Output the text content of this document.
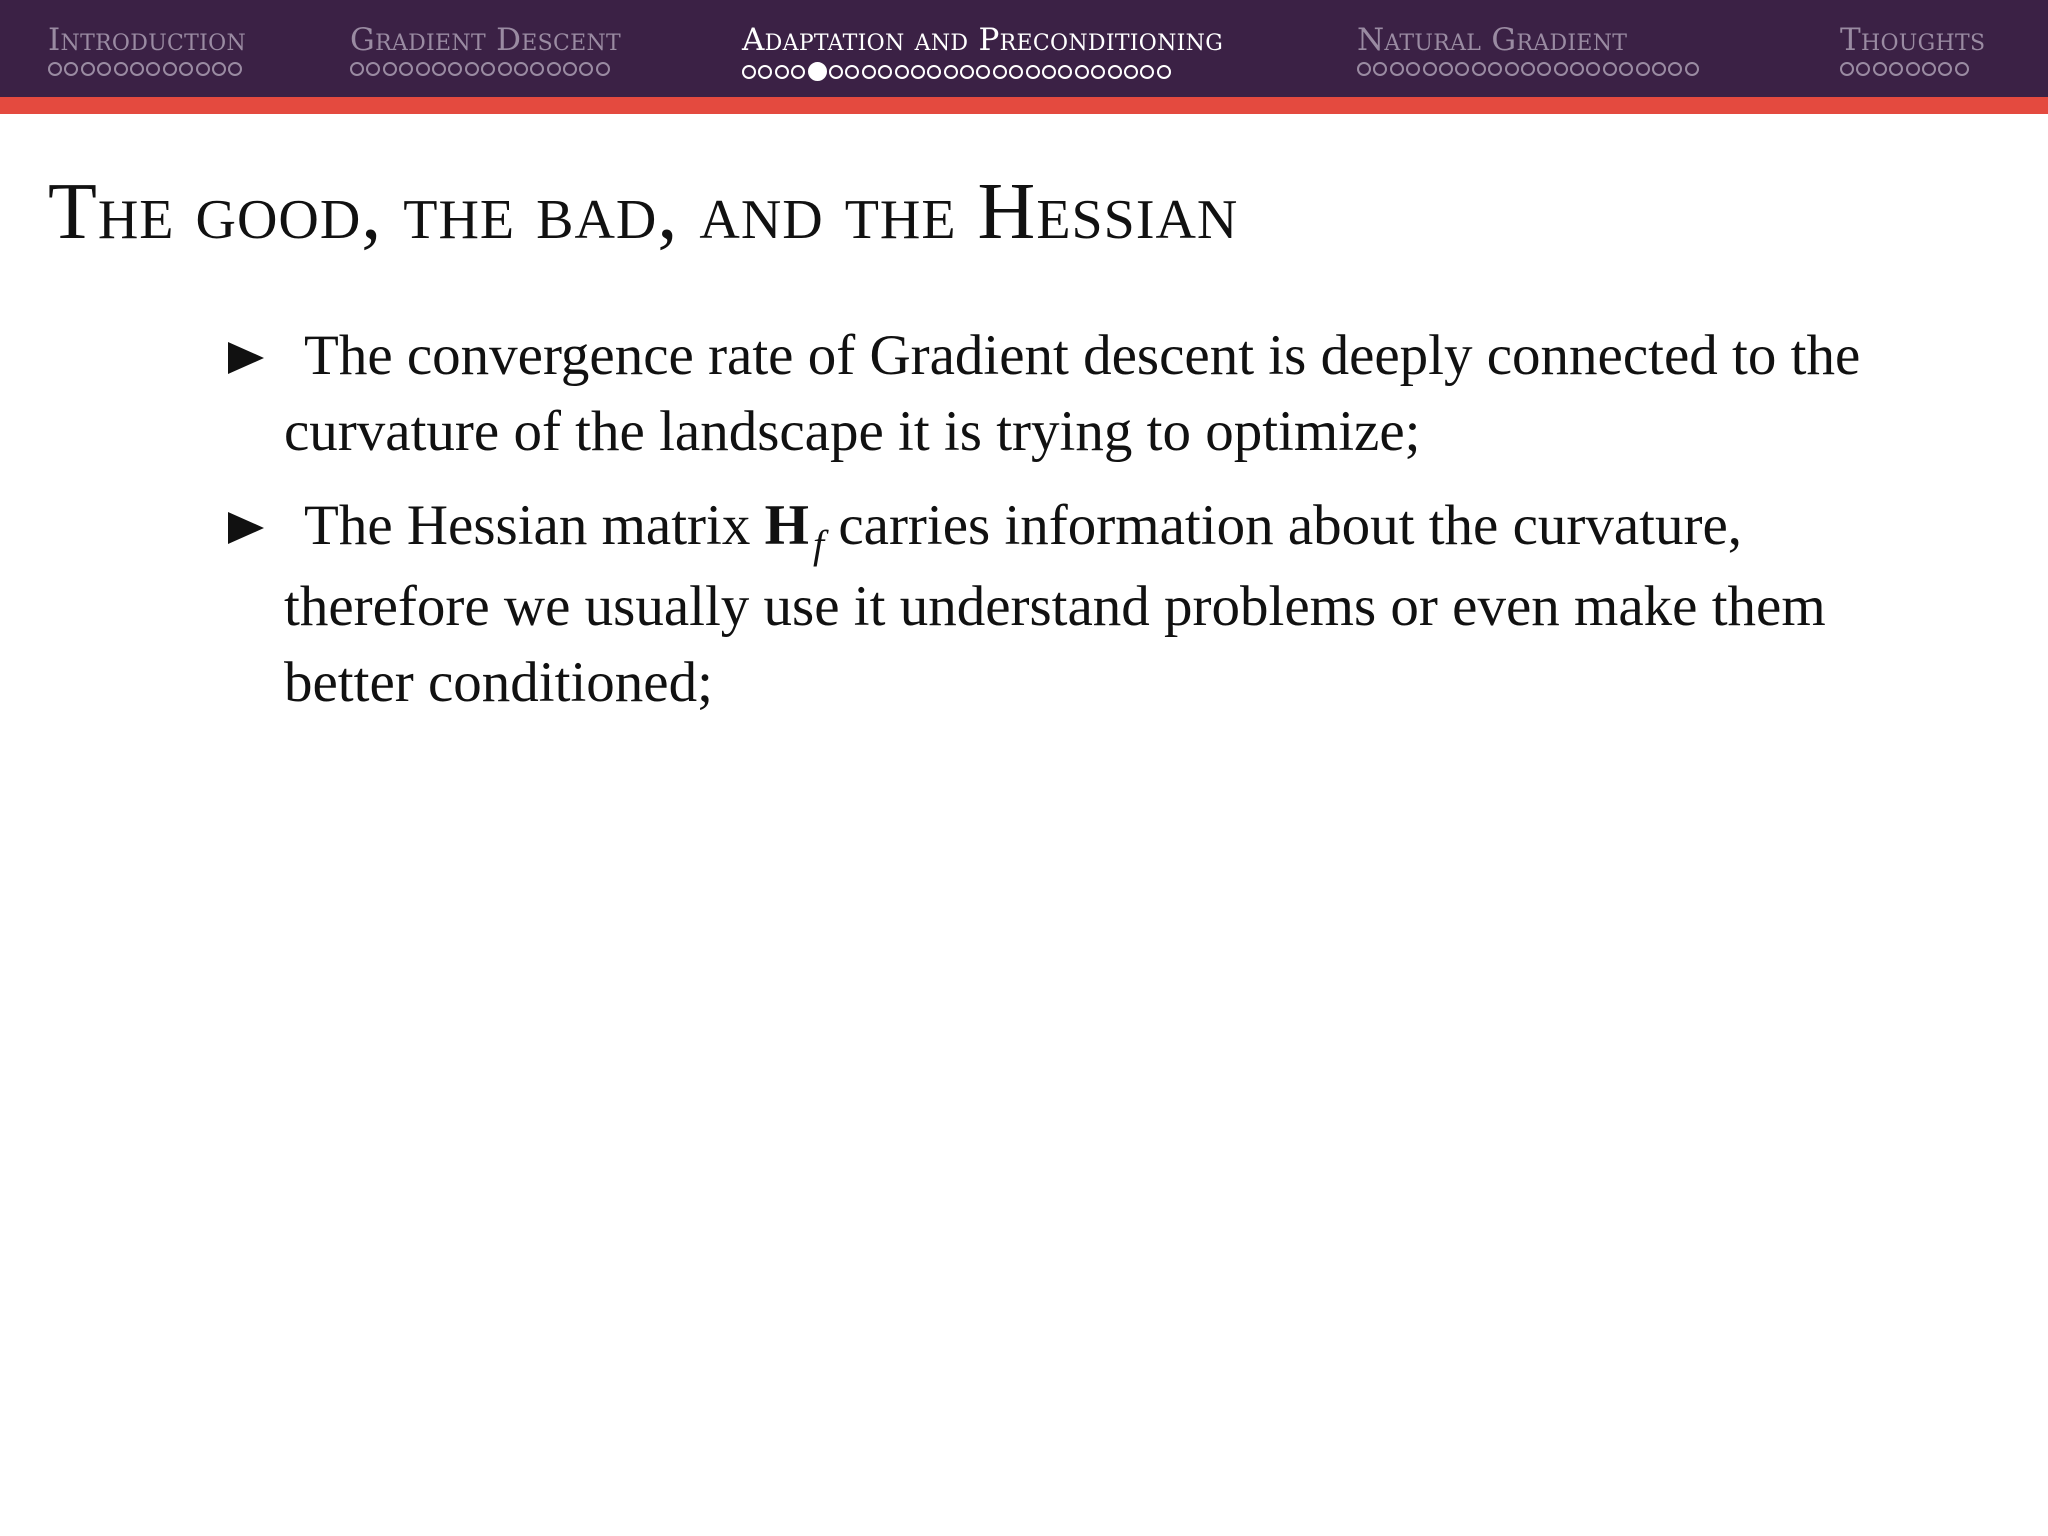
Introduction	Gradient Descent	Adaptation and Preconditioning	Natural Gradient	Thoughts
The good, the bad, and the Hessian
The convergence rate of Gradient descent is deeply connected to the
curvature of the landscape it is trying to optimize;
The Hessian matrix H $_f$ carries information about the curvature,
therefore we usually use it understand problems or even make them better conditioned;
